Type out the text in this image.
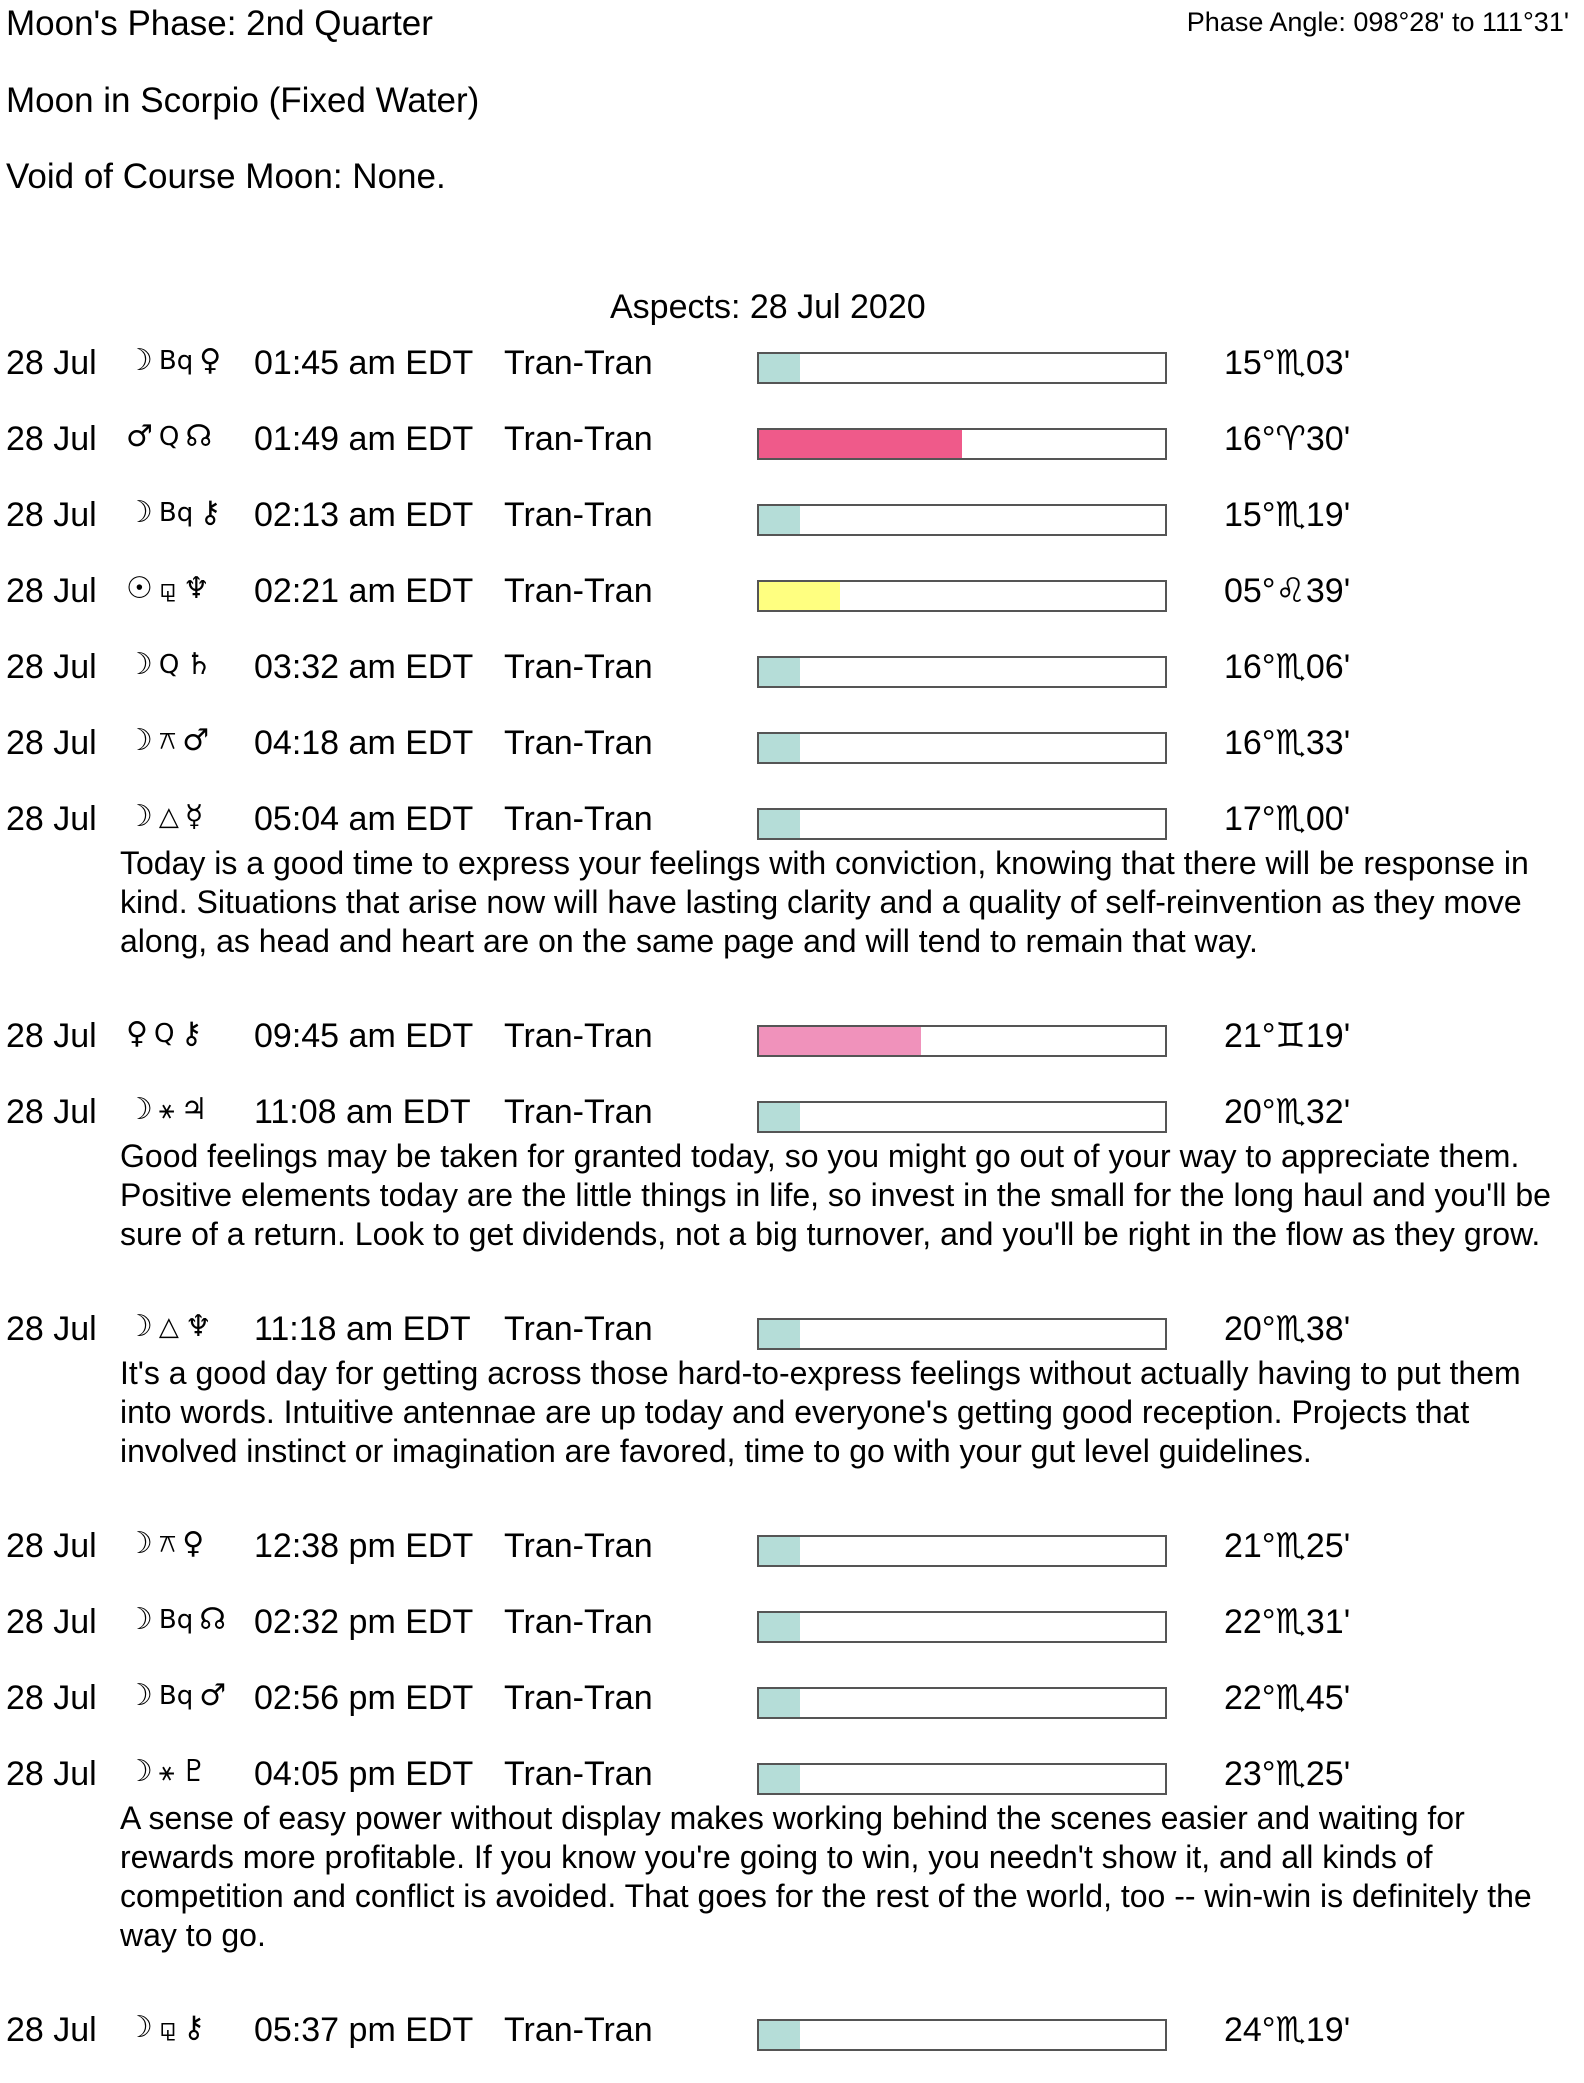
Moon's Phase: 2nd Quarter	Phase Angle: 098°28' to 111°31'
Moon in Scorpio (Fixed Water)
Void of Course Moon: None.
Aspects: 28 Jul 2020
28 Jul ☽ Bq ♀ 01:45 am EDT Tran-Tran	15°♏03'
28 Jul ♂ Q ☊ 01:49 am EDT Tran-Tran	16°♈30'
28 Jul ☽ Bq ⚷ 02:13 am EDT Tran-Tran	15°♏19'
28 Jul ☉ ⚼ ♆ 02:21 am EDT Tran-Tran	05°♌39'
28 Jul ☽ Q ♄ 03:32 am EDT Tran-Tran	16°♏06'
28 Jul ☽ ⚻ ♂ 04:18 am EDT Tran-Tran	16°♏33'
28 Jul ☽ △ ☿ 05:04 am EDT Tran-Tran	17°♏00'
Today is a good time to express your feelings with conviction, knowing that there will be response in kind. Situations that arise now will have lasting clarity and a quality of self-reinvention as they move along, as head and heart are on the same page and will tend to remain that way.
28 Jul ♀ Q ⚷ 09:45 am EDT Tran-Tran	21°♊19'
28 Jul ☽ ⚹ ♃ 11:08 am EDT Tran-Tran	20°♏32'
Good feelings may be taken for granted today, so you might go out of your way to appreciate them. Positive elements today are the little things in life, so invest in the small for the long haul and you'll be sure of a return. Look to get dividends, not a big turnover, and you'll be right in the flow as they grow.
28 Jul ☽ △ ♆ 11:18 am EDT Tran-Tran	20°♏38'
It's a good day for getting across those hard-to-express feelings without actually having to put them into words. Intuitive antennae are up today and everyone's getting good reception. Projects that involved instinct or imagination are favored, time to go with your gut level guidelines.
28 Jul ☽ ⚻ ♀ 12:38 pm EDT Tran-Tran	21°♏25'
28 Jul ☽ Bq ☊ 02:32 pm EDT Tran-Tran	22°♏31'
28 Jul ☽ Bq ♂ 02:56 pm EDT Tran-Tran	22°♏45'
28 Jul ☽ ⚹ ♇ 04:05 pm EDT Tran-Tran	23°♏25'
A sense of easy power without display makes working behind the scenes easier and waiting for rewards more profitable. If you know you're going to win, you needn't show it, and all kinds of competition and conflict is avoided. That goes for the rest of the world, too -- win-win is definitely the way to go.
28 Jul ☽ ⚼ ⚷ 05:37 pm EDT Tran-Tran	24°♏19'
